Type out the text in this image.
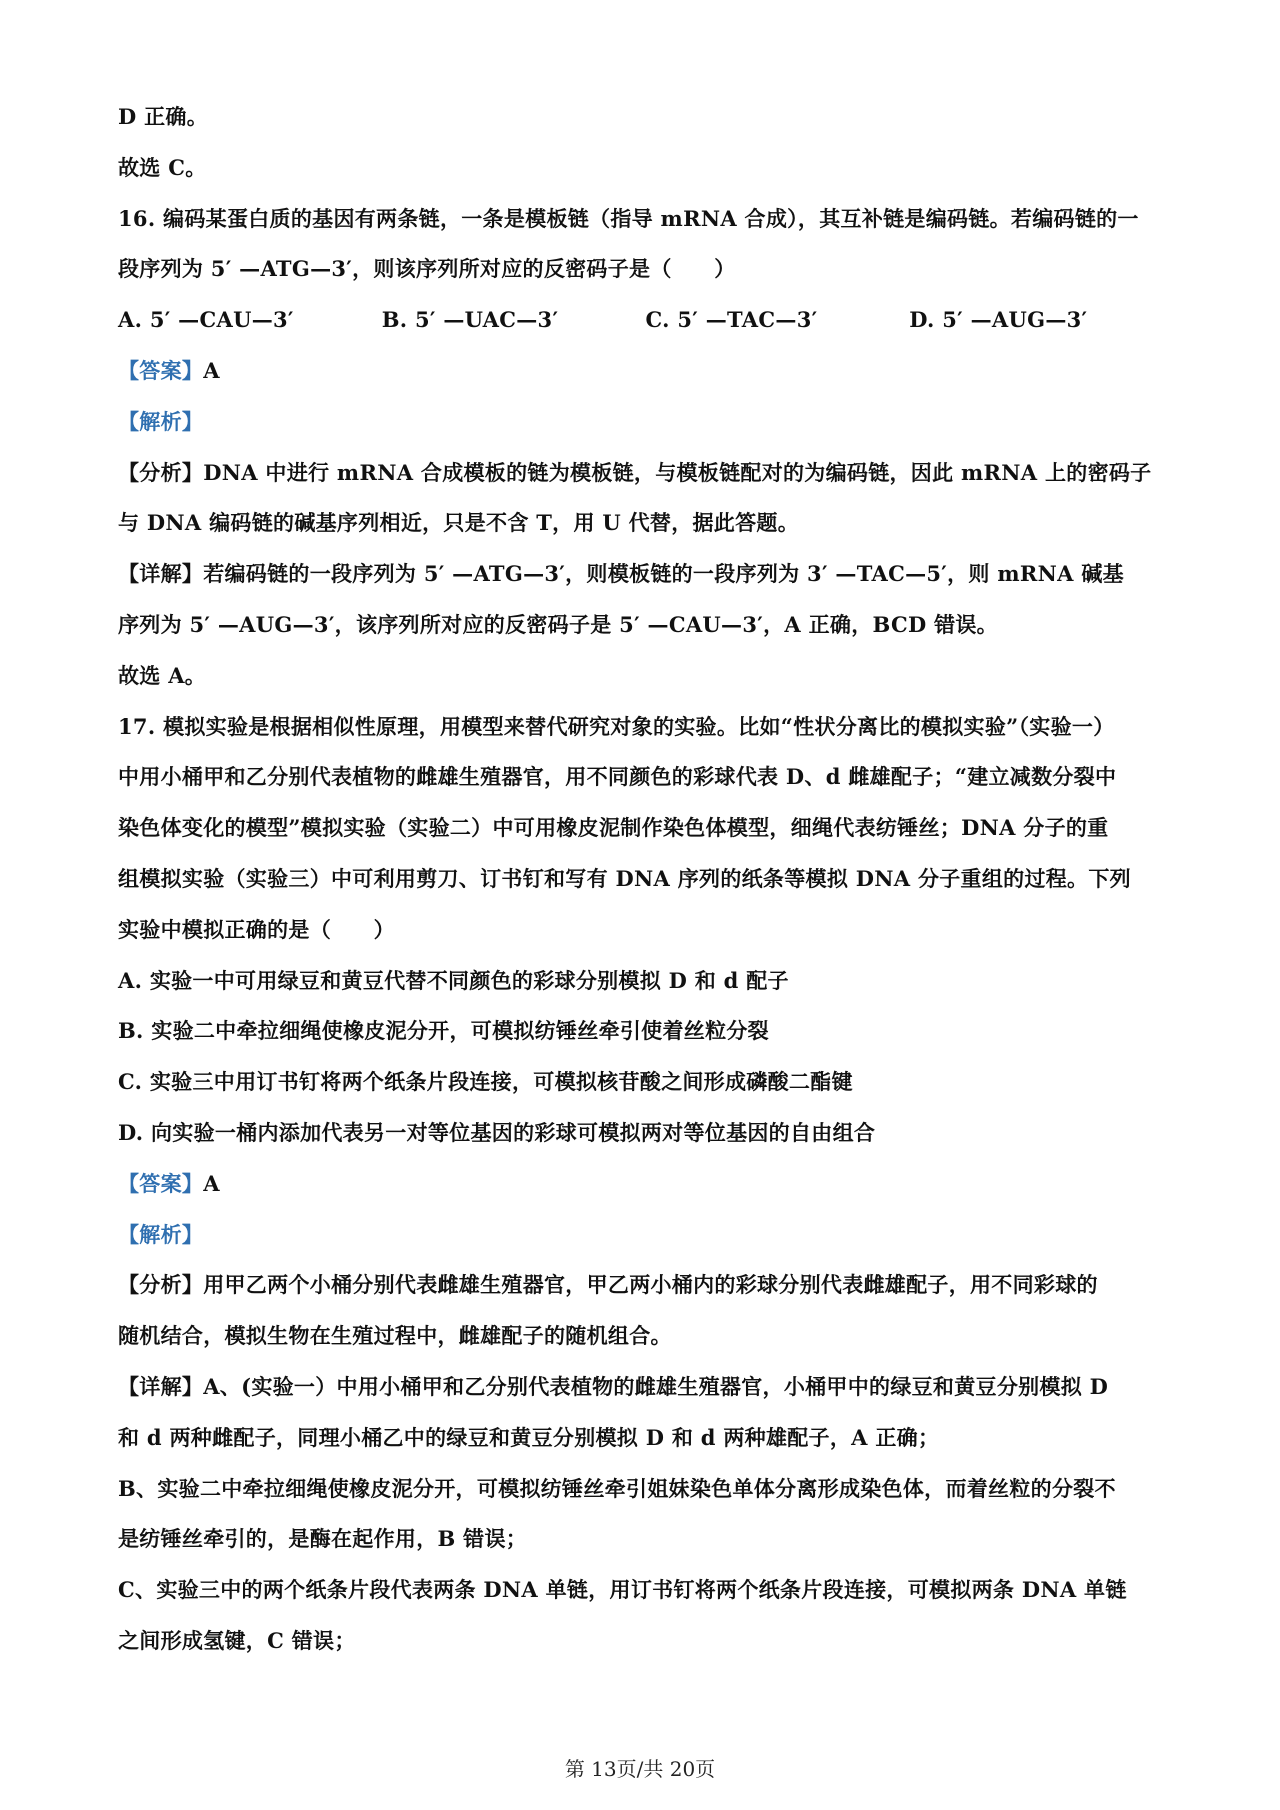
D 正确。
故选 C。
16. 编码某蛋白质的基因有两条链，一条是模板链（指导 mRNA 合成），其互补链是编码链。若编码链的一
段序列为 5′ —ATG—3′，则该序列所对应的反密码子是（　　）
A. 5′ —CAU—3′	B. 5′ —UAC—3′	C. 5′ —TAC—3′	D. 5′ —AUG—3′
【答案】A
【解析】
【分析】DNA 中进行 mRNA 合成模板的链为模板链，与模板链配对的为编码链，因此 mRNA 上的密码子
与 DNA 编码链的碱基序列相近，只是不含 T，用 U 代替，据此答题。
【详解】若编码链的一段序列为 5′ —ATG—3′，则模板链的一段序列为 3′ —TAC—5′，则 mRNA 碱基
序列为 5′ —AUG—3′，该序列所对应的反密码子是 5′ —CAU—3′，A 正确，BCD 错误。
故选 A。
17. 模拟实验是根据相似性原理，用模型来替代研究对象的实验。比如“性状分离比的模拟实验”（实验一）
中用小桶甲和乙分别代表植物的雌雄生殖器官，用不同颜色的彩球代表 D、d 雌雄配子；“建立减数分裂中
染色体变化的模型”模拟实验（实验二）中可用橡皮泥制作染色体模型，细绳代表纺锤丝；DNA 分子的重
组模拟实验（实验三）中可利用剪刀、订书钉和写有 DNA 序列的纸条等模拟 DNA 分子重组的过程。下列
实验中模拟正确的是（　　）
A. 实验一中可用绿豆和黄豆代替不同颜色的彩球分别模拟 D 和 d 配子
B. 实验二中牵拉细绳使橡皮泥分开，可模拟纺锤丝牵引使着丝粒分裂
C. 实验三中用订书钉将两个纸条片段连接，可模拟核苷酸之间形成磷酸二酯键
D. 向实验一桶内添加代表另一对等位基因的彩球可模拟两对等位基因的自由组合
【答案】A
【解析】
【分析】用甲乙两个小桶分别代表雌雄生殖器官，甲乙两小桶内的彩球分别代表雌雄配子，用不同彩球的
随机结合，模拟生物在生殖过程中，雌雄配子的随机组合。
【详解】A、(实验一）中用小桶甲和乙分别代表植物的雌雄生殖器官，小桶甲中的绿豆和黄豆分别模拟 D
和 d 两种雌配子，同理小桶乙中的绿豆和黄豆分别模拟 D 和 d 两种雄配子，A 正确；
B、实验二中牵拉细绳使橡皮泥分开，可模拟纺锤丝牵引姐妹染色单体分离形成染色体，而着丝粒的分裂不
是纺锤丝牵引的，是酶在起作用，B 错误；
C、实验三中的两个纸条片段代表两条 DNA 单链，用订书钉将两个纸条片段连接，可模拟两条 DNA 单链
之间形成氢键，C 错误；
第 13页/共 20页
